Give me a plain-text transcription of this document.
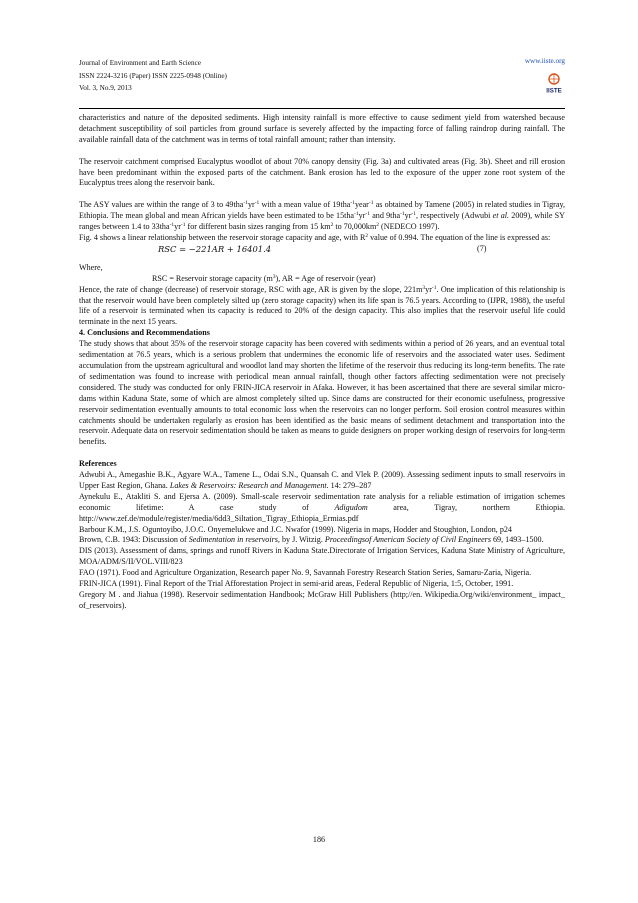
Journal of Environment and Earth Science
ISSN 2224-3216 (Paper) ISSN 2225-0948 (Online)
Vol. 3, No.9, 2013
www.iiste.org
IISTE

characteristics and nature of the deposited sediments. High intensity rainfall is more effective to cause sediment yield from watershed because detachment susceptibility of soil particles from ground surface is severely affected by the impacting force of falling raindrop during rainfall. The available rainfall data of the catchment was in terms of total rainfall amount; rather than intensity.

The reservoir catchment comprised Eucalyptus woodlot of about 70% canopy density (Fig. 3a) and cultivated areas (Fig. 3b). Sheet and rill erosion have been predominant within the exposed parts of the catchment. Bank erosion has led to the exposure of the upper zone root system of the Eucalyptus trees along the reservoir bank.

The ASY values are within the range of 3 to $49tha^{-1}yr^{-1}$ with a mean value of 19tha$^{-1}$year$^{-1}$ as obtained by Tamene (2005) in related studies in Tigray, Ethiopia. The mean global and mean African yields have been estimated to be $15tha^{-1}yr^{-1}$ and $9tha^{-1}yr^{-1}$, respectively (Adwubi et al. 2009), while SY ranges between 1.4 to $33tha^{-1}yr^{-1}$ for different basin sizes ranging from 15 $km^2$ to $70,000km^2$ (NEDECO 1997).

Fig. 4 shows a linear relationship between the reservoir storage capacity and age, with $R^2$ value of 0.994. The equation of the line is expressed as:

RSC = −221AR + 16401.4	(7)

Where,

RSC = Reservoir storage capacity $(m^3)$, AR = Age of reservoir (year)

Hence, the rate of change (decrease) of reservoir storage, RSC with age, AR is given by the slope, $221m^3yr^{-1}$. One implication of this relationship is that the reservoir would have been completely silted up (zero storage capacity) when its life span is 76.5 years. According to (IJPR, 1988), the useful life of a reservoir is terminated when its capacity is reduced to 20% of the design capacity. This also implies that the reservoir useful life could terminate in the next 15 years.

4. Conclusions and Recommendations

The study shows that about 35% of the reservoir storage capacity has been covered with sediments within a period of 26 years, and an eventual total sedimentation at 76.5 years, which is a serious problem that undermines the economic life of reservoirs and the associated water uses. Sediment accumulation from the upstream agricultural and woodlot land may shorten the lifetime of the reservoir thus reducing its long-term benefits. The rate of sedimentation was found to increase with periodical mean annual rainfall, though other factors affecting sedimentation were not precisely considered. The study was conducted for only FRIN-JICA reservoir in Afaka. However, it has been ascertained that there are several similar micro-dams within Kaduna State, some of which are almost completely silted up. Since dams are constructed for their economic usefulness, progressive reservoir sedimentation eventually amounts to total economic loss when the reservoirs can no longer perform. Soil erosion control measures within catchments should be undertaken regularly as erosion has been identified as the basic means of sediment detachment and transportation into the reservoir. Adequate data on reservoir sedimentation should be taken as means to guide designers on proper working design of reservoirs for long-term benefits.

References

Adwubi A., Amegashie B.K., Agyare W.A., Tamene L., Odai S.N., Quansah C. and Vlek P. (2009). Assessing sediment inputs to small reservoirs in Upper East Region, Ghana. Lakes & Reservoirs: Research and Management. 14: 279–287

Aynekulu E., Atakliti S. and Ejersa A. (2009). Small-scale reservoir sedimentation rate analysis for a reliable estimation of irrigation schemes economic lifetime: A case study of Adigudom area, Tigray, northern Ethiopia. http://www.zef.de/module/register/media/6dd3_Siltation_Tigray_Ethiopia_Ermias.pdf

Barbour K.M., J.S. Oguntoyibo, J.O.C. Onyemelukwe and J.C. Nwafor (1999). Nigeria in maps, Hodder and Stoughton, London, p24

Brown, C.B. 1943: Discussion of Sedimentation in reservoirs, by J. Witzig. Proceedingsof American Society of Civil Engineers 69, 1493–1500.

DIS (2013). Assessment of dams, springs and runoff Rivers in Kaduna State.Directorate of Irrigation Services, Kaduna State Ministry of Agriculture, MOA/ADM/S/II/VOL.VIII/823

FAO (1971). Food and Agriculture Organization, Research paper No. 9, Savannah Forestry Research Station Series, Samaru-Zaria, Nigeria.

FRIN-JICA (1991). Final Report of the Trial Afforestation Project in semi-arid areas, Federal Republic of Nigeria, 1:5, October, 1991.

Gregory M . and Jiahua (1998). Reservoir sedimentation Handbook; McGraw Hill Publishers (http;//en. Wikipedia.Org/wiki/environment_ impact_ of_reservoirs).

186
